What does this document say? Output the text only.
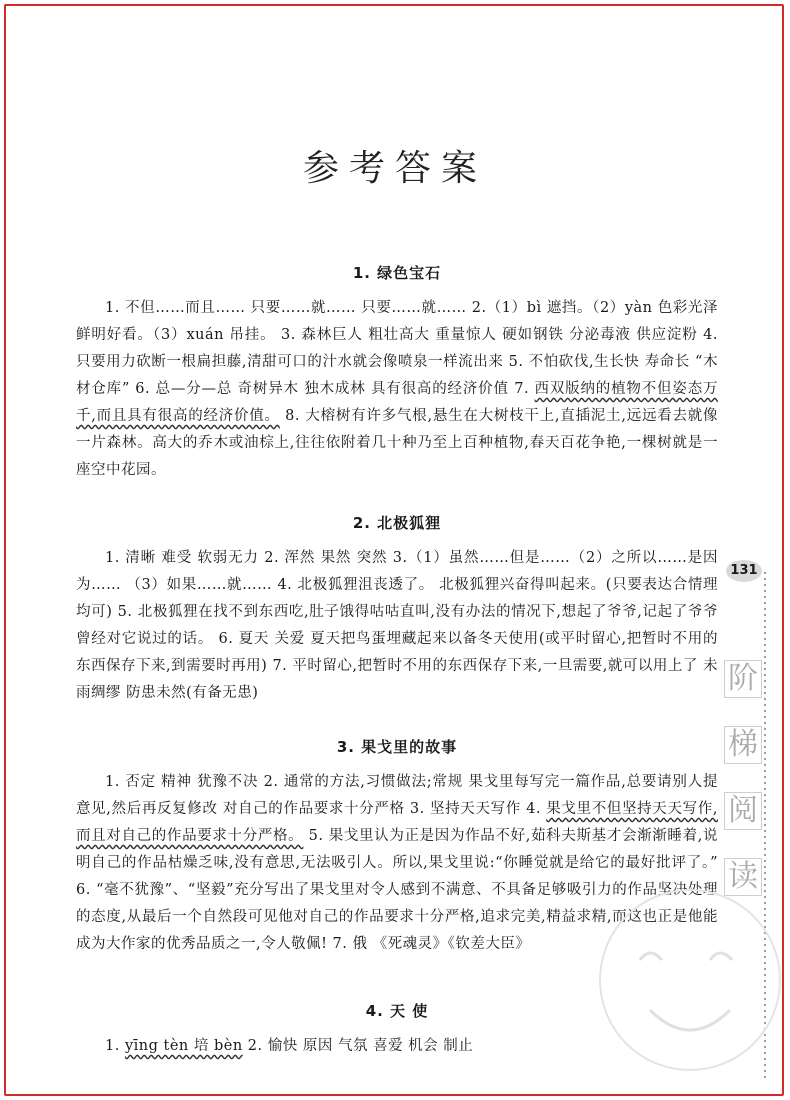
参考答案
1. 绿色宝石

1. 不但……而且…… 只要……就…… 只要……就…… 2.（1）bì 遮挡。（2）yàn 色彩光泽鲜明好看。（3）xuán 吊挂。 3. 森林巨人 粗壮高大 重量惊人 硬如钢铁 分泌毒液 供应淀粉 4. 只要用力砍断一根扁担藤,清甜可口的汁水就会像喷泉一样流出来 5. 不怕砍伐,生长快 寿命长 “木材仓库” 6. 总—分—总 奇树异木 独木成林 具有很高的经济价值 7. 西双版纳的植物不但姿态万千,而且具有很高的经济价值。 8. 大榕树有许多气根,悬生在大树枝干上,直插泥土,远远看去就像一片森林。高大的乔木或油棕上,往往依附着几十种乃至上百种植物,春天百花争艳,一棵树就是一座空中花园。

2. 北极狐狸

1. 清晰 难受 软弱无力 2. 浑然 果然 突然 3.（1）虽然……但是……（2）之所以……是因为…… （3）如果……就…… 4. 北极狐狸沮丧透了。 北极狐狸兴奋得叫起来。(只要表达合情理均可) 5. 北极狐狸在找不到东西吃,肚子饿得咕咕直叫,没有办法的情况下,想起了爷爷,记起了爷爷曾经对它说过的话。 6. 夏天 关爱 夏天把鸟蛋埋藏起来以备冬天使用(或平时留心,把暂时不用的东西保存下来,到需要时再用) 7. 平时留心,把暂时不用的东西保存下来,一旦需要,就可以用上了 未雨绸缪 防患未然(有备无患)

3. 果戈里的故事

1. 否定 精神 犹豫不决 2. 通常的方法,习惯做法;常规 果戈里每写完一篇作品,总要请别人提意见,然后再反复修改 对自己的作品要求十分严格 3. 坚持天天写作 4. 果戈里不但坚持天天写作,而且对自己的作品要求十分严格。 5. 果戈里认为正是因为作品不好,茹科夫斯基才会渐渐睡着,说明自己的作品枯燥乏味,没有意思,无法吸引人。所以,果戈里说:“你睡觉就是给它的最好批评了。” 6. “毫不犹豫”、“坚毅”充分写出了果戈里对令人感到不满意、不具备足够吸引力的作品坚决处理的态度,从最后一个自然段可见他对自己的作品要求十分严格,追求完美,精益求精,而这也正是他能成为大作家的优秀品质之一,令人敬佩! 7. 俄 《死魂灵》《钦差大臣》

4. 天 使

1. yīng tèn 培 bèn 2. 愉快 原因 气氛 喜爱 机会 制止

131
阶
梯
阅
读
